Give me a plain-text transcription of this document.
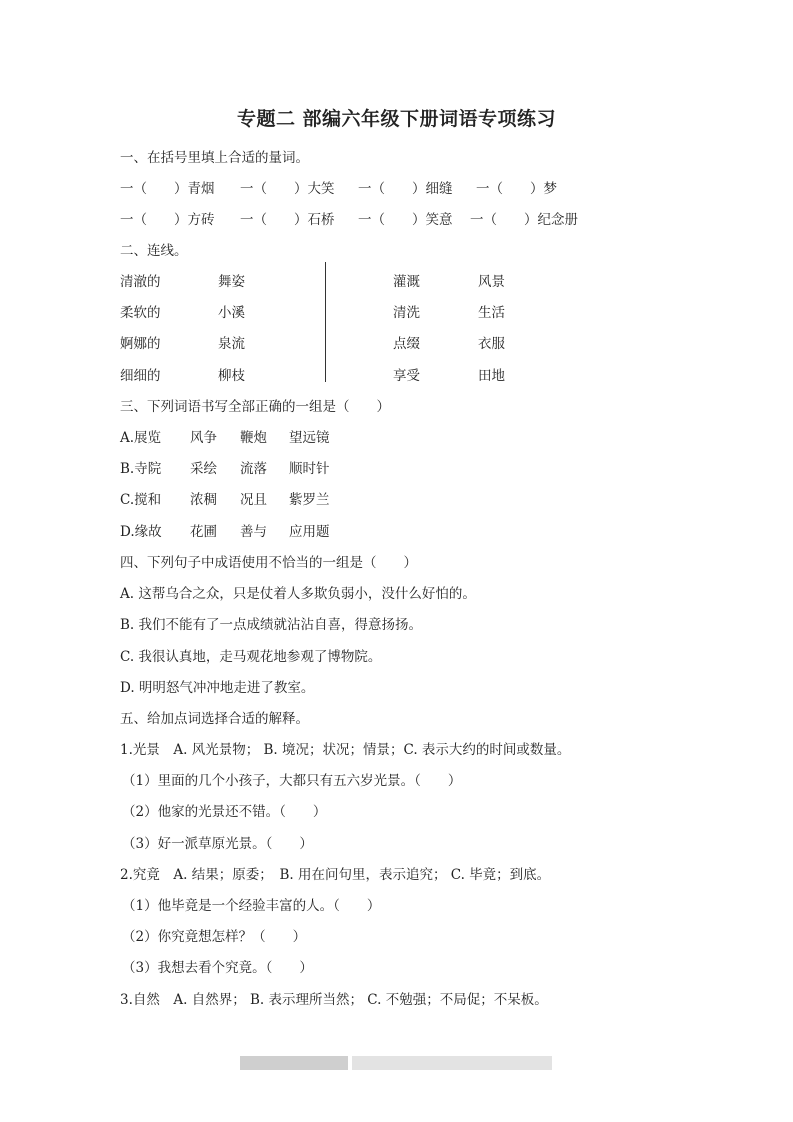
专题二 部编六年级下册词语专项练习
一、在括号里填上合适的量词。
一（　　）青烟 一（　　）大笑 一（　　）细缝 一（　　）梦
一（　　）方砖 一（　　）石桥 一（　　）笑意 一（　　）纪念册
二、连线。
清澈的	舞姿	灌溉	风景
柔软的	小溪	清洗	生活
婀娜的	泉流	点缀	衣服
细细的	柳枝	享受	田地
三、下列词语书写全部正确的一组是（　　）
A.展览 风争 鞭炮 望远镜
B.寺院 采绘 流落 顺时针
C.搅和 浓稠 况且 紫罗兰
D.缘故 花圃 善与 应用题
四、下列句子中成语使用不恰当的一组是（　　）
A. 这帮乌合之众，只是仗着人多欺负弱小，没什么好怕的。
B. 我们不能有了一点成绩就沾沾自喜，得意扬扬。
C. 我很认真地，走马观花地参观了博物院。
D. 明明怒气冲冲地走进了教室。
五、给加点词选择合适的解释。
1.光景　A. 风光景物； B. 境况；状况；情景；C. 表示大约的时间或数量。
（1）里面的几个小孩子，大都只有五六岁光景。（　　）
（2）他家的光景还不错。（　　）
（3）好一派草原光景。（　　）
2.究竟　A. 结果；原委；　B. 用在问句里，表示追究； C. 毕竟；到底。
（1）他毕竟是一个经验丰富的人。（　　）
（2）你究竟想怎样？（　　）
（3）我想去看个究竟。（　　）
3.自然　A. 自然界； B. 表示理所当然； C. 不勉强；不局促；不呆板。
